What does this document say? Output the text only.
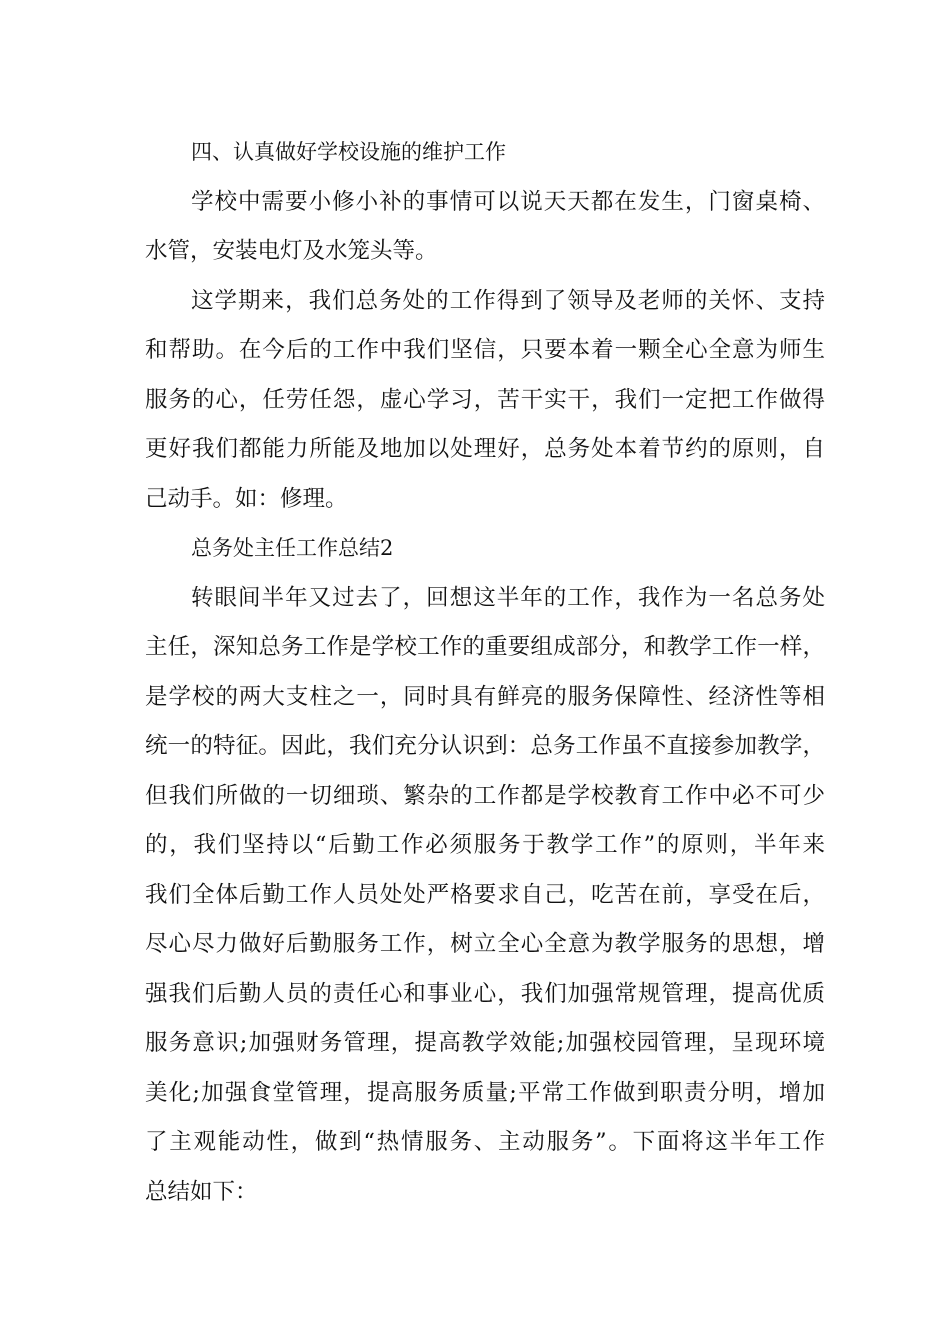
四、认真做好学校设施的维护工作
学校中需要小修小补的事情可以说天天都在发生，门窗桌椅、
水管，安装电灯及水笼头等。
这学期来，我们总务处的工作得到了领导及老师的关怀、支持
和帮助。在今后的工作中我们坚信，只要本着一颗全心全意为师生
服务的心，任劳任怨，虚心学习，苦干实干，我们一定把工作做得
更好我们都能力所能及地加以处理好，总务处本着节约的原则，自
己动手。如：修理。
总务处主任工作总结2
转眼间半年又过去了，回想这半年的工作，我作为一名总务处
主任，深知总务工作是学校工作的重要组成部分，和教学工作一样，
是学校的两大支柱之一，同时具有鲜亮的服务保障性、经济性等相
统一的特征。因此，我们充分认识到：总务工作虽不直接参加教学，
但我们所做的一切细琐、繁杂的工作都是学校教育工作中必不可少
的，我们坚持以“后勤工作必须服务于教学工作”的原则，半年来
我们全体后勤工作人员处处严格要求自己，吃苦在前，享受在后，
尽心尽力做好后勤服务工作，树立全心全意为教学服务的思想，增
强我们后勤人员的责任心和事业心，我们加强常规管理，提高优质
服务意识;加强财务管理，提高教学效能;加强校园管理，呈现环境
美化;加强食堂管理，提高服务质量;平常工作做到职责分明，增加
了主观能动性，做到“热情服务、主动服务”。下面将这半年工作
总结如下：
